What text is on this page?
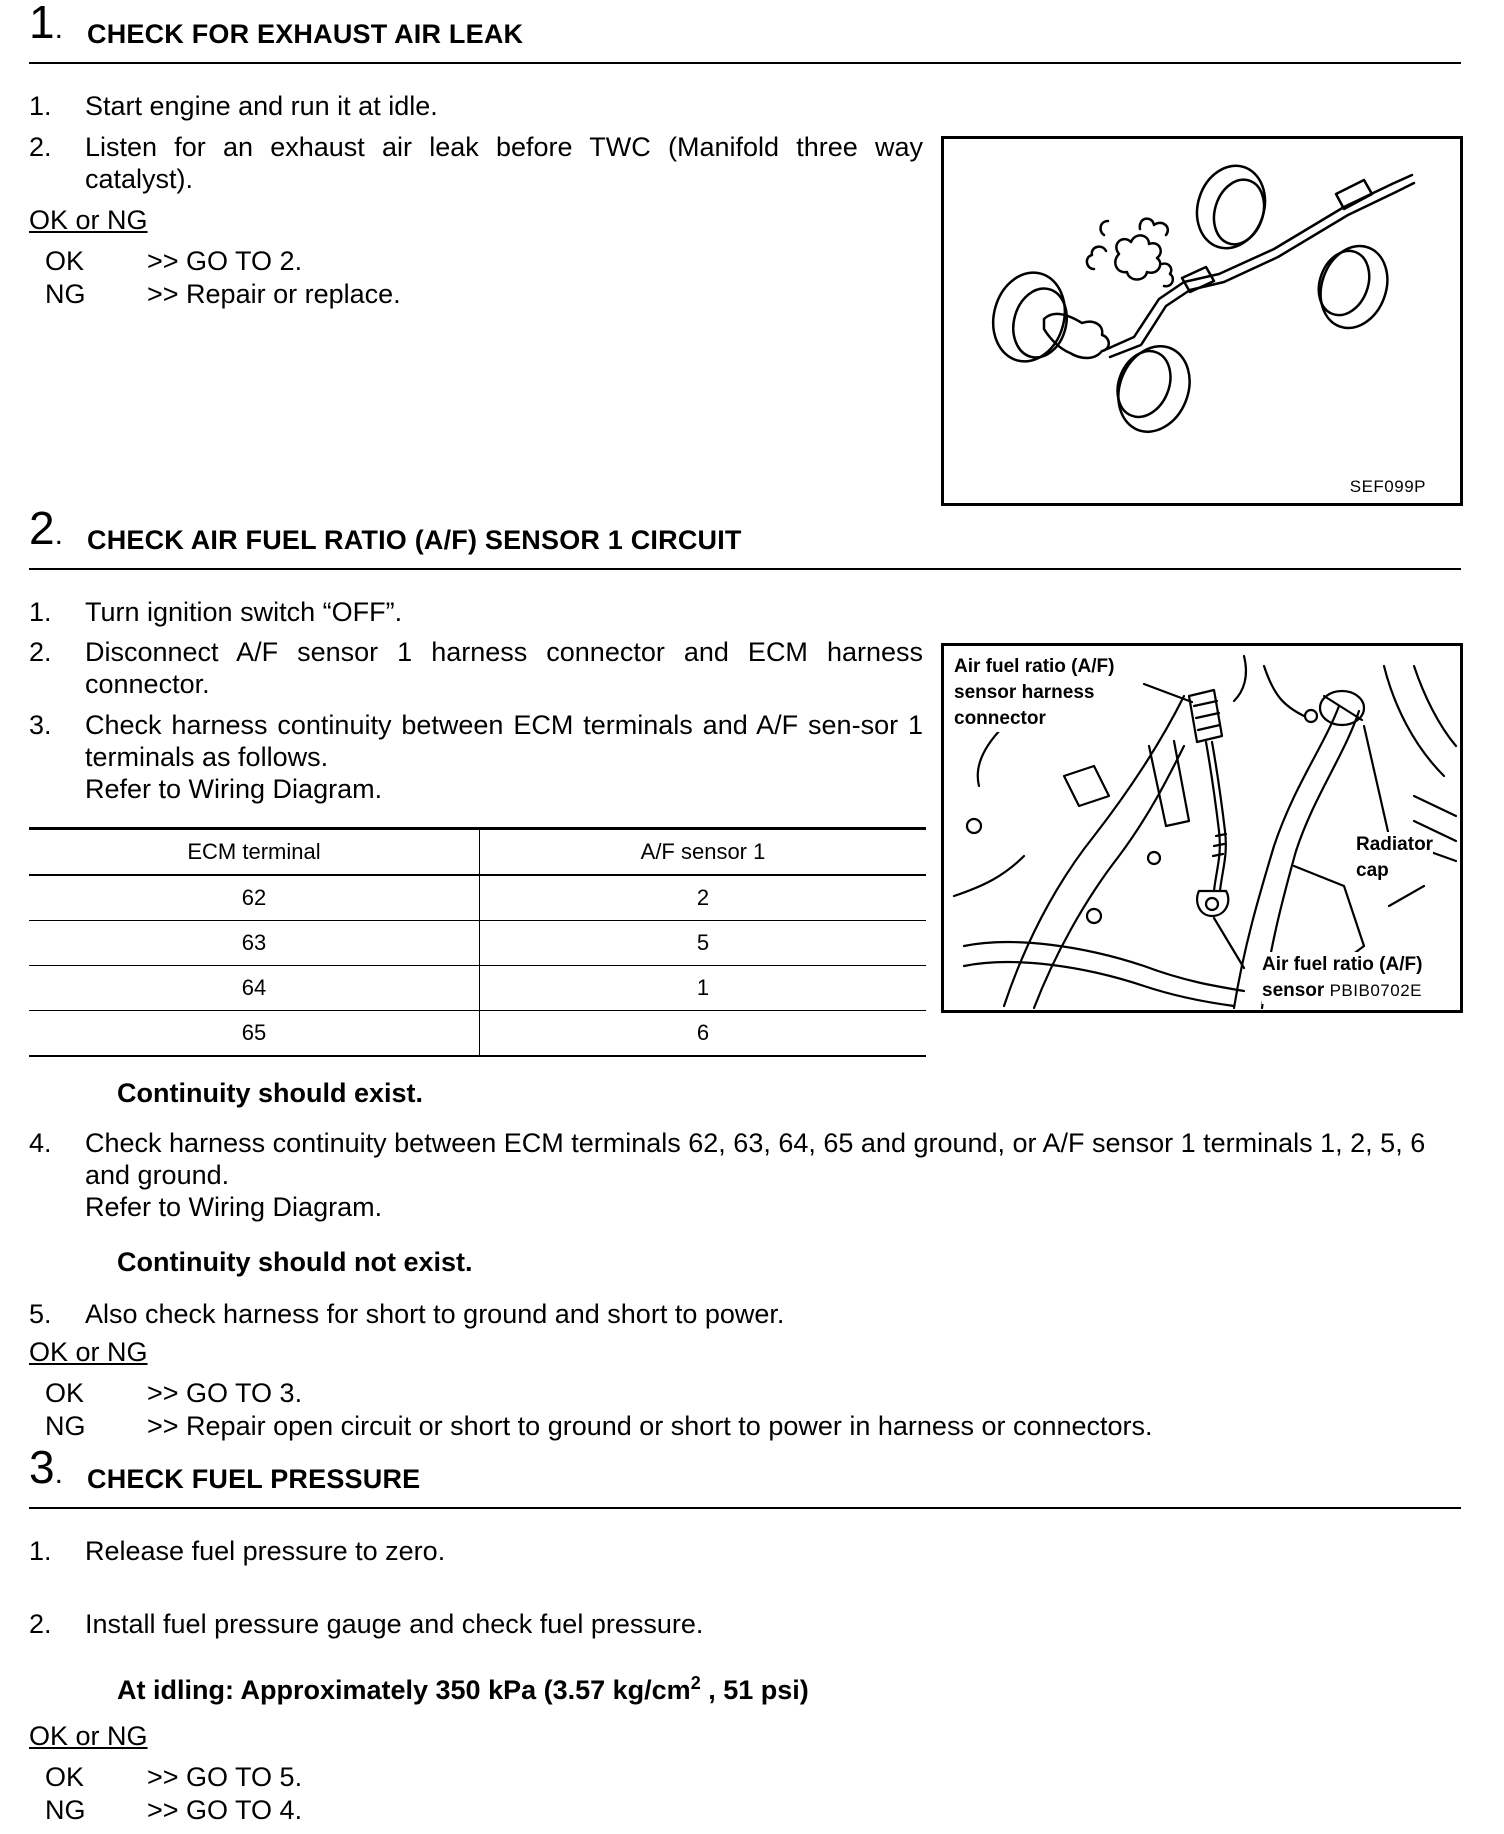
1. CHECK FOR EXHAUST AIR LEAK
1. Start engine and run it at idle.
2. Listen for an exhaust air leak before TWC (Manifold three way catalyst).
OK or NG
OK >> GO TO 2.
NG >> Repair or replace.
SEF099P
2. CHECK AIR FUEL RATIO (A/F) SENSOR 1 CIRCUIT
1. Turn ignition switch “OFF”.
2. Disconnect A/F sensor 1 harness connector and ECM harness connector.
3. Check harness continuity between ECM terminals and A/F sen-sor 1 terminals as follows.
Refer to Wiring Diagram.
ECM terminal	A/F sensor 1
62	2
63	5
64	1
65	6
Air fuel ratio (A/F)
sensor harness
connector
Radiator
cap
Air fuel ratio (A/F)
sensor PBIB0702E
Continuity should exist.
4. Check harness continuity between ECM terminals 62, 63, 64, 65 and ground, or A/F sensor 1 terminals 1, 2, 5, 6 and ground.
Refer to Wiring Diagram.
Continuity should not exist.
5. Also check harness for short to ground and short to power.
OK or NG
OK >> GO TO 3.
NG >> Repair open circuit or short to ground or short to power in harness or connectors.
3. CHECK FUEL PRESSURE
1. Release fuel pressure to zero.
2. Install fuel pressure gauge and check fuel pressure.
At idling: Approximately 350 kPa (3.57 $kg/cm^2$ , 51 psi)
OK or NG
OK >> GO TO 5.
NG >> GO TO 4.
